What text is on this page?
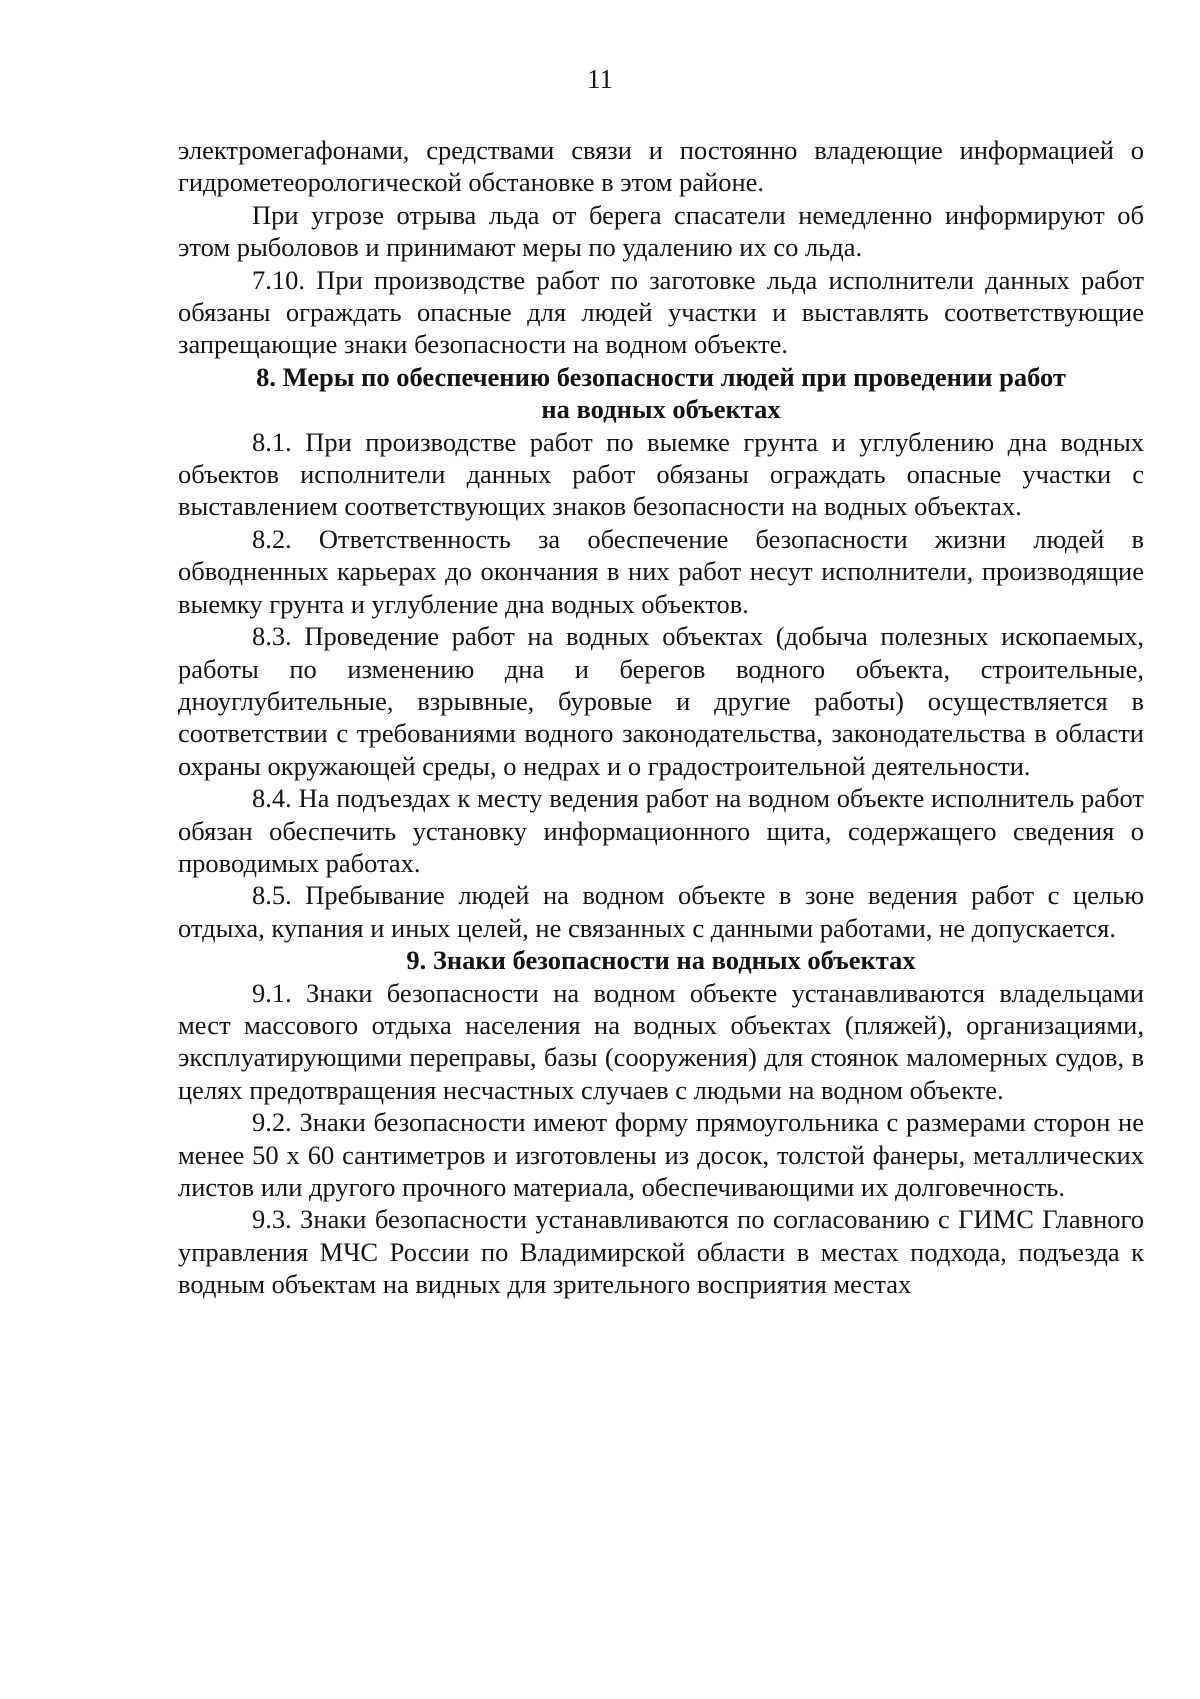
11

электромегафонами, средствами связи и постоянно владеющие информацией о гидрометеорологической обстановке в этом районе.

При угрозе отрыва льда от берега спасатели немедленно информируют об этом рыболовов и принимают меры по удалению их со льда.

7.10. При производстве работ по заготовке льда исполнители данных работ обязаны ограждать опасные для людей участки и выставлять соответствующие запрещающие знаки безопасности на водном объекте.

8. Меры по обеспечению безопасности людей при проведении работ
на водных объектах

8.1. При производстве работ по выемке грунта и углублению дна водных объектов исполнители данных работ обязаны ограждать опасные участки с выставлением соответствующих знаков безопасности на водных объектах.

8.2. Ответственность за обеспечение безопасности жизни людей в обводненных карьерах до окончания в них работ несут исполнители, производящие выемку грунта и углубление дна водных объектов.

8.3. Проведение работ на водных объектах (добыча полезных ископаемых, работы по изменению дна и берегов водного объекта, строительные, дноуглубительные, взрывные, буровые и другие работы) осуществляется в соответствии с требованиями водного законодательства, законодательства в области охраны окружающей среды, о недрах и о градостроительной деятельности.

8.4. На подъездах к месту ведения работ на водном объекте исполнитель работ обязан обеспечить установку информационного щита, содержащего сведения о проводимых работах.

8.5. Пребывание людей на водном объекте в зоне ведения работ с целью отдыха, купания и иных целей, не связанных с данными работами, не допускается.

9. Знаки безопасности на водных объектах

9.1. Знаки безопасности на водном объекте устанавливаются владельцами мест массового отдыха населения на водных объектах (пляжей), организациями, эксплуатирующими переправы, базы (сооружения) для стоянок маломерных судов, в целях предотвращения несчастных случаев с людьми на водном объекте.

9.2. Знаки безопасности имеют форму прямоугольника с размерами сторон не менее 50 х 60 сантиметров и изготовлены из досок, толстой фанеры, металлических листов или другого прочного материала, обеспечивающими их долговечность.

9.3. Знаки безопасности устанавливаются по согласованию с ГИМС Главного управления МЧС России по Владимирской области в местах подхода, подъезда к водным объектам на видных для зрительного восприятия местах
